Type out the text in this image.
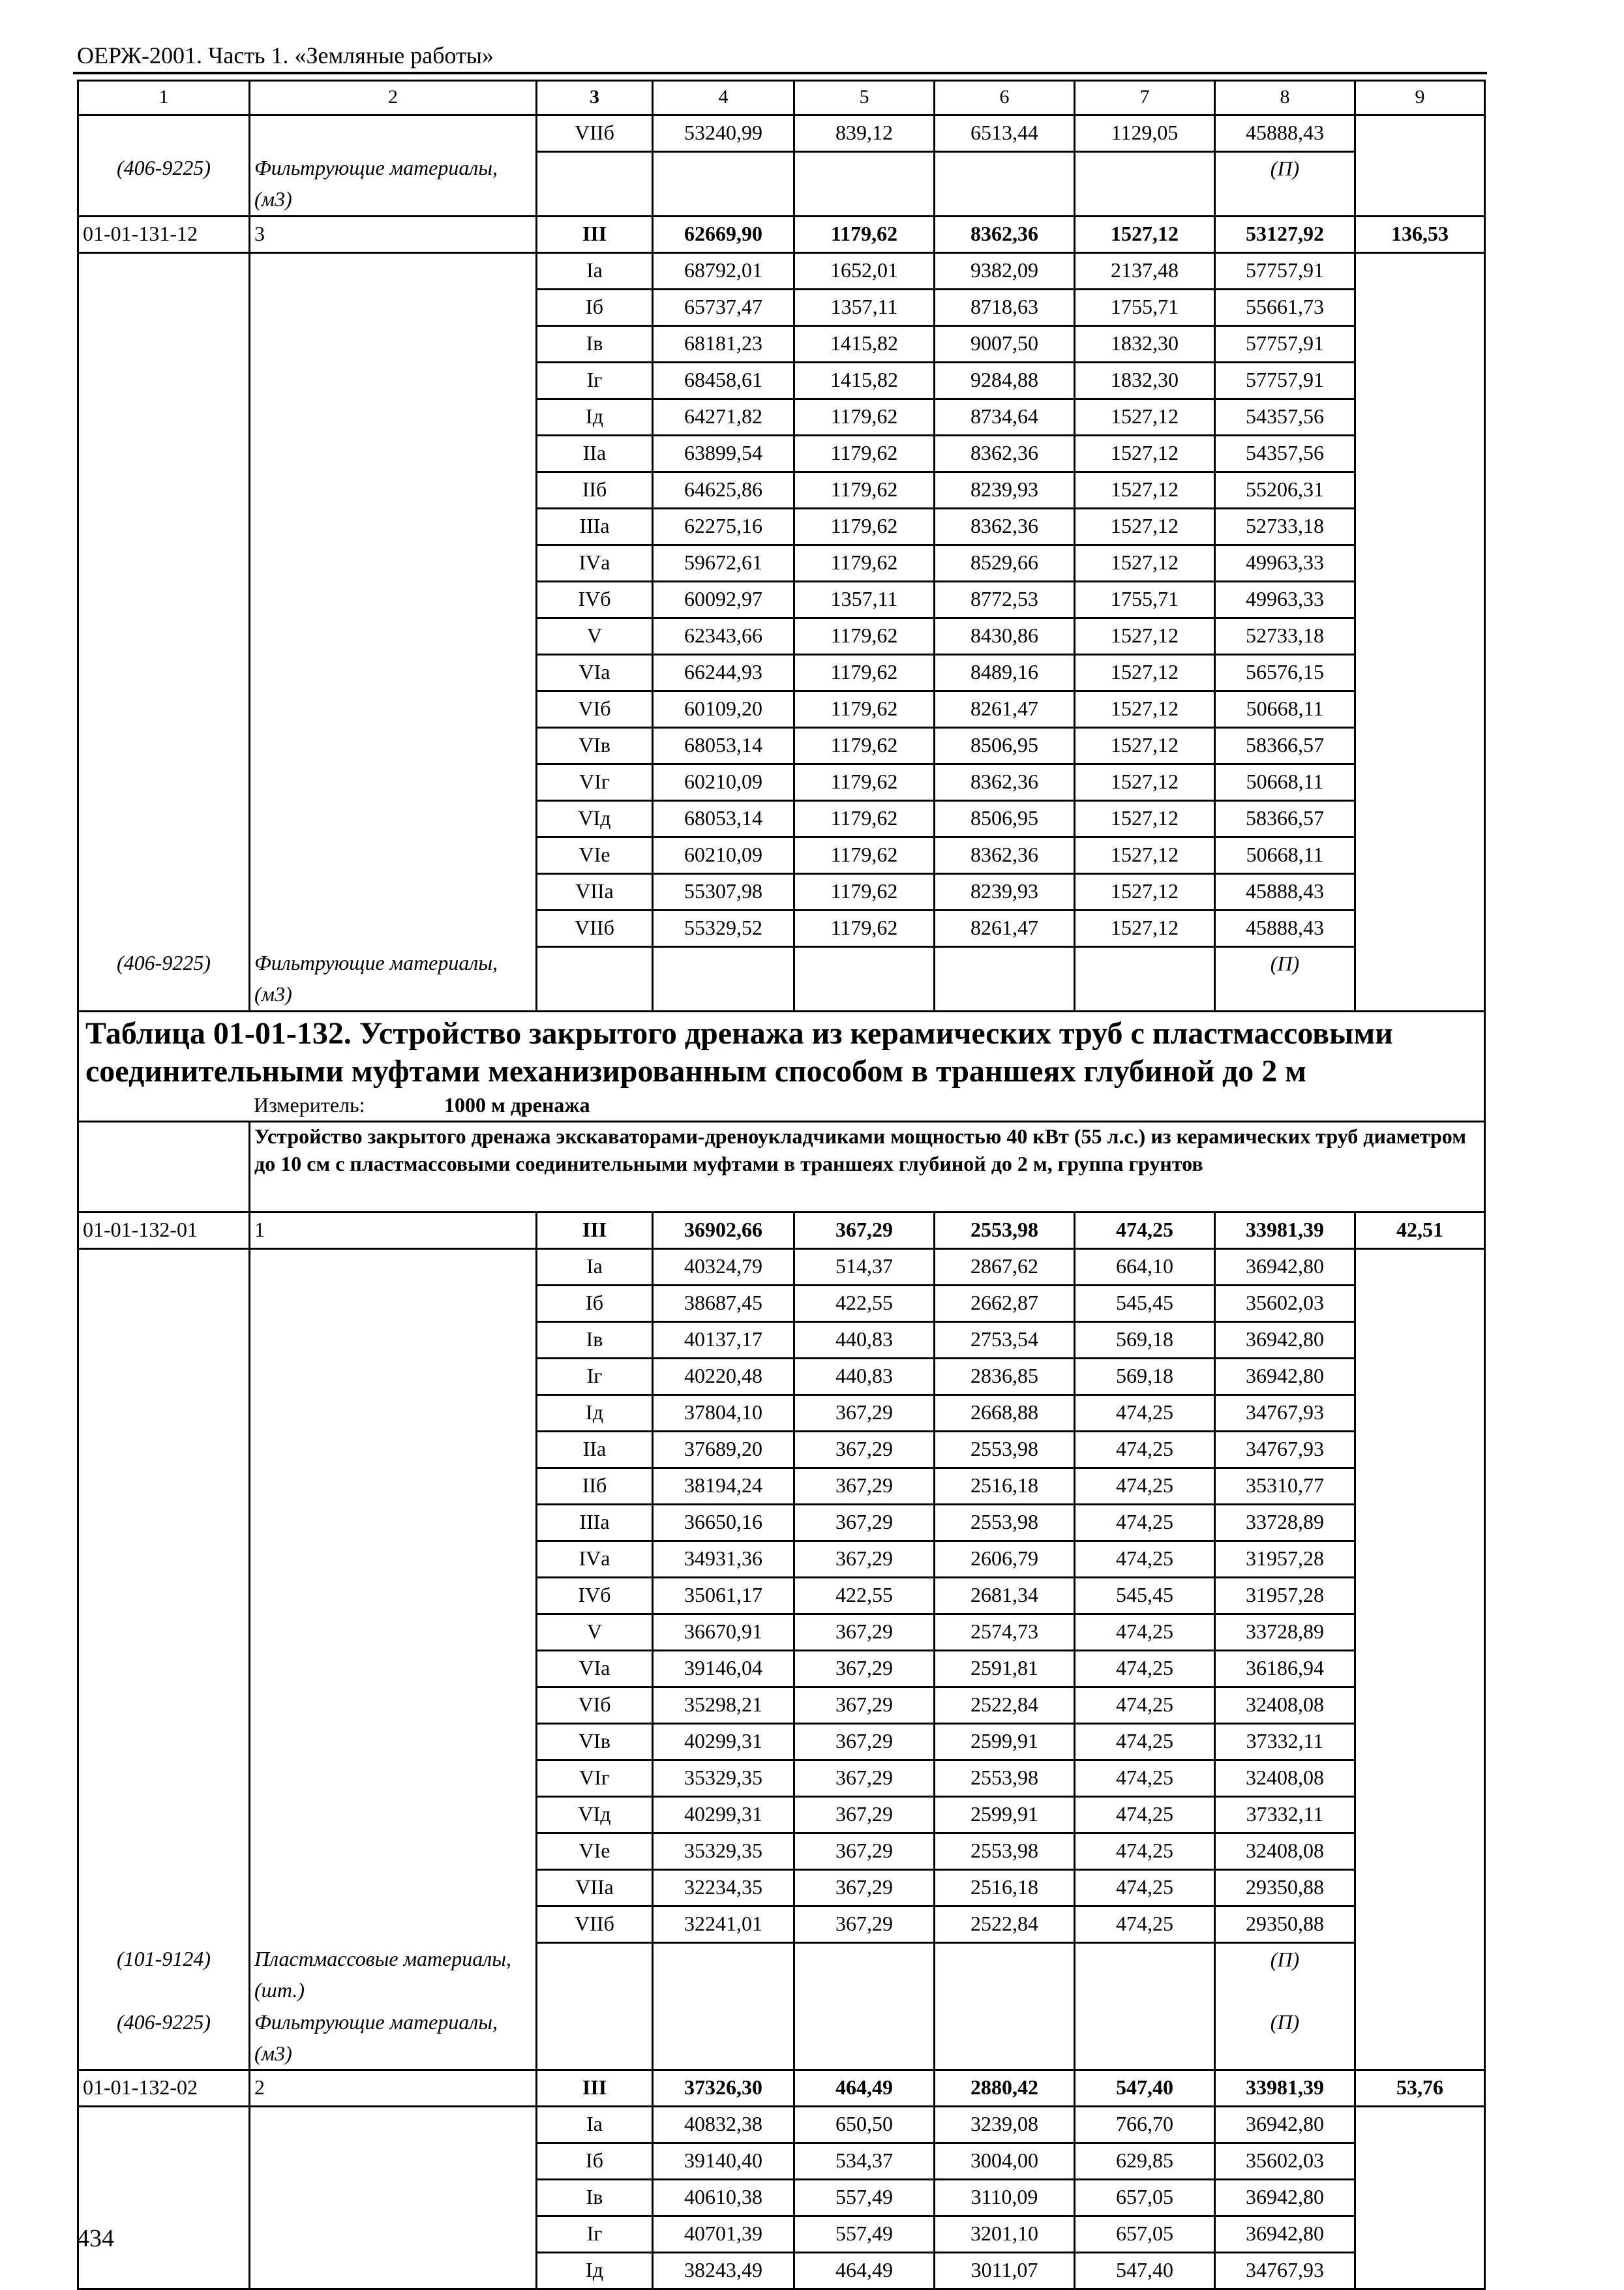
ОЕРЖ-2001. Часть 1. «Земляные работы»
1	2	3	4	5	6	7	8	9
		VIIб	53240,99	839,12	6513,44	1129,05	45888,43	
(406-9225)	Фильтрующие материалы, (м3)						(П)	
01-01-131-12	3	III	62669,90	1179,62	8362,36	1527,12	53127,92	136,53
		Iа	68792,01	1652,01	9382,09	2137,48	57757,91	
		Iб	65737,47	1357,11	8718,63	1755,71	55661,73	
		Iв	68181,23	1415,82	9007,50	1832,30	57757,91	
		Iг	68458,61	1415,82	9284,88	1832,30	57757,91	
		Iд	64271,82	1179,62	8734,64	1527,12	54357,56	
		IIа	63899,54	1179,62	8362,36	1527,12	54357,56	
		IIб	64625,86	1179,62	8239,93	1527,12	55206,31	
		IIIа	62275,16	1179,62	8362,36	1527,12	52733,18	
		IVа	59672,61	1179,62	8529,66	1527,12	49963,33	
		IVб	60092,97	1357,11	8772,53	1755,71	49963,33	
		V	62343,66	1179,62	8430,86	1527,12	52733,18	
		VIа	66244,93	1179,62	8489,16	1527,12	56576,15	
		VIб	60109,20	1179,62	8261,47	1527,12	50668,11	
		VIв	68053,14	1179,62	8506,95	1527,12	58366,57	
		VIг	60210,09	1179,62	8362,36	1527,12	50668,11	
		VIд	68053,14	1179,62	8506,95	1527,12	58366,57	
		VIе	60210,09	1179,62	8362,36	1527,12	50668,11	
		VIIа	55307,98	1179,62	8239,93	1527,12	45888,43	
		VIIб	55329,52	1179,62	8261,47	1527,12	45888,43	
(406-9225)	Фильтрующие материалы, (м3)						(П)	
Таблица 01-01-132. Устройство закрытого дренажа из керамических труб с пластмассовыми соединительными муфтами механизированным способом в траншеях глубиной до 2 м								
Измеритель: 1000 м дренажа								
	Устройство закрытого дренажа экскаваторами-дреноукладчиками мощностью 40 кВт (55 л.с.) из керамических труб диаметром до 10 см с пластмассовыми соединительными муфтами в траншеях глубиной до 2 м, группа грунтов							
01-01-132-01	1	III	36902,66	367,29	2553,98	474,25	33981,39	42,51
		Iа	40324,79	514,37	2867,62	664,10	36942,80	
		Iб	38687,45	422,55	2662,87	545,45	35602,03	
		Iв	40137,17	440,83	2753,54	569,18	36942,80	
		Iг	40220,48	440,83	2836,85	569,18	36942,80	
		Iд	37804,10	367,29	2668,88	474,25	34767,93	
		IIа	37689,20	367,29	2553,98	474,25	34767,93	
		IIб	38194,24	367,29	2516,18	474,25	35310,77	
		IIIа	36650,16	367,29	2553,98	474,25	33728,89	
		IVа	34931,36	367,29	2606,79	474,25	31957,28	
		IVб	35061,17	422,55	2681,34	545,45	31957,28	
		V	36670,91	367,29	2574,73	474,25	33728,89	
		VIа	39146,04	367,29	2591,81	474,25	36186,94	
		VIб	35298,21	367,29	2522,84	474,25	32408,08	
		VIв	40299,31	367,29	2599,91	474,25	37332,11	
		VIг	35329,35	367,29	2553,98	474,25	32408,08	
		VIд	40299,31	367,29	2599,91	474,25	37332,11	
		VIе	35329,35	367,29	2553,98	474,25	32408,08	
		VIIа	32234,35	367,29	2516,18	474,25	29350,88	
		VIIб	32241,01	367,29	2522,84	474,25	29350,88	
(101-9124)	Пластмассовые материалы, (шт.)						(П)	
(406-9225)	Фильтрующие материалы, (м3)						(П)	
01-01-132-02	2	III	37326,30	464,49	2880,42	547,40	33981,39	53,76
		Iа	40832,38	650,50	3239,08	766,70	36942,80	
		Iб	39140,40	534,37	3004,00	629,85	35602,03	
		Iв	40610,38	557,49	3110,09	657,05	36942,80	
		Iг	40701,39	557,49	3201,10	657,05	36942,80	
		Iд	38243,49	464,49	3011,07	547,40	34767,93	
434
